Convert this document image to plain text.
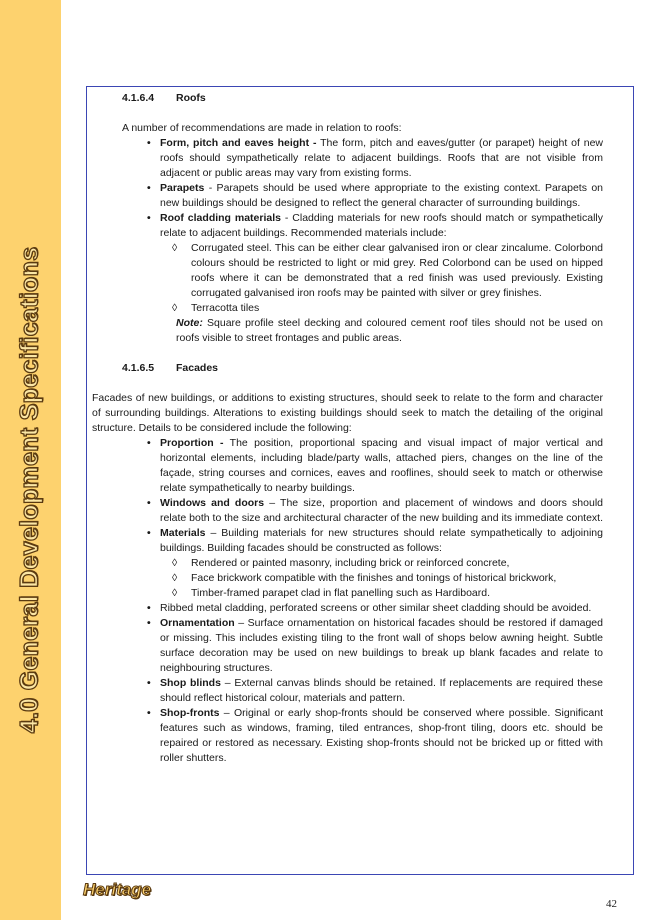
4.0 General Development Specifications

4.1.6.4 Roofs

A number of recommendations are made in relation to roofs:

• Form, pitch and eaves height - The form, pitch and eaves/gutter (or parapet) height of new roofs should sympathetically relate to adjacent buildings. Roofs that are not visible from adjacent or public areas may vary from existing forms.
• Parapets - Parapets should be used where appropriate to the existing context. Parapets on new buildings should be designed to reflect the general character of surrounding buildings.
• Roof cladding materials - Cladding materials for new roofs should match or sympathetically relate to adjacent buildings. Recommended materials include:
◊ Corrugated steel. This can be either clear galvanised iron or clear zincalume. Colorbond colours should be restricted to light or mid grey. Red Colorbond can be used on hipped roofs where it can be demonstrated that a red finish was used previously. Existing corrugated galvanised iron roofs may be painted with silver or grey finishes.
◊ Terracotta tiles

Note: Square profile steel decking and coloured cement roof tiles should not be used on roofs visible to street frontages and public areas.

4.1.6.5 Facades

Facades of new buildings, or additions to existing structures, should seek to relate to the form and character of surrounding buildings. Alterations to existing buildings should seek to match the detailing of the original structure. Details to be considered include the following:

• Proportion - The position, proportional spacing and visual impact of major vertical and horizontal elements, including blade/party walls, attached piers, changes on the line of the façade, string courses and cornices, eaves and rooflines, should seek to match or otherwise relate sympathetically to nearby buildings.
• Windows and doors – The size, proportion and placement of windows and doors should relate both to the size and architectural character of the new building and its immediate context.
• Materials – Building materials for new structures should relate sympathetically to adjoining buildings. Building facades should be constructed as follows:
◊ Rendered or painted masonry, including brick or reinforced concrete,
◊ Face brickwork compatible with the finishes and tonings of historical brickwork,
◊ Timber-framed parapet clad in flat panelling such as Hardiboard.
• Ribbed metal cladding, perforated screens or other similar sheet cladding should be avoided.
• Ornamentation – Surface ornamentation on historical facades should be restored if damaged or missing. This includes existing tiling to the front wall of shops below awning height. Subtle surface decoration may be used on new buildings to break up blank facades and relate to neighbouring structures.
• Shop blinds – External canvas blinds should be retained. If replacements are required these should reflect historical colour, materials and pattern.
• Shop-fronts – Original or early shop-fronts should be conserved where possible. Significant features such as windows, framing, tiled entrances, shop-front tiling, doors etc. should be repaired or restored as necessary. Existing shop-fronts should not be bricked up or fitted with roller shutters.
Heritage
42
